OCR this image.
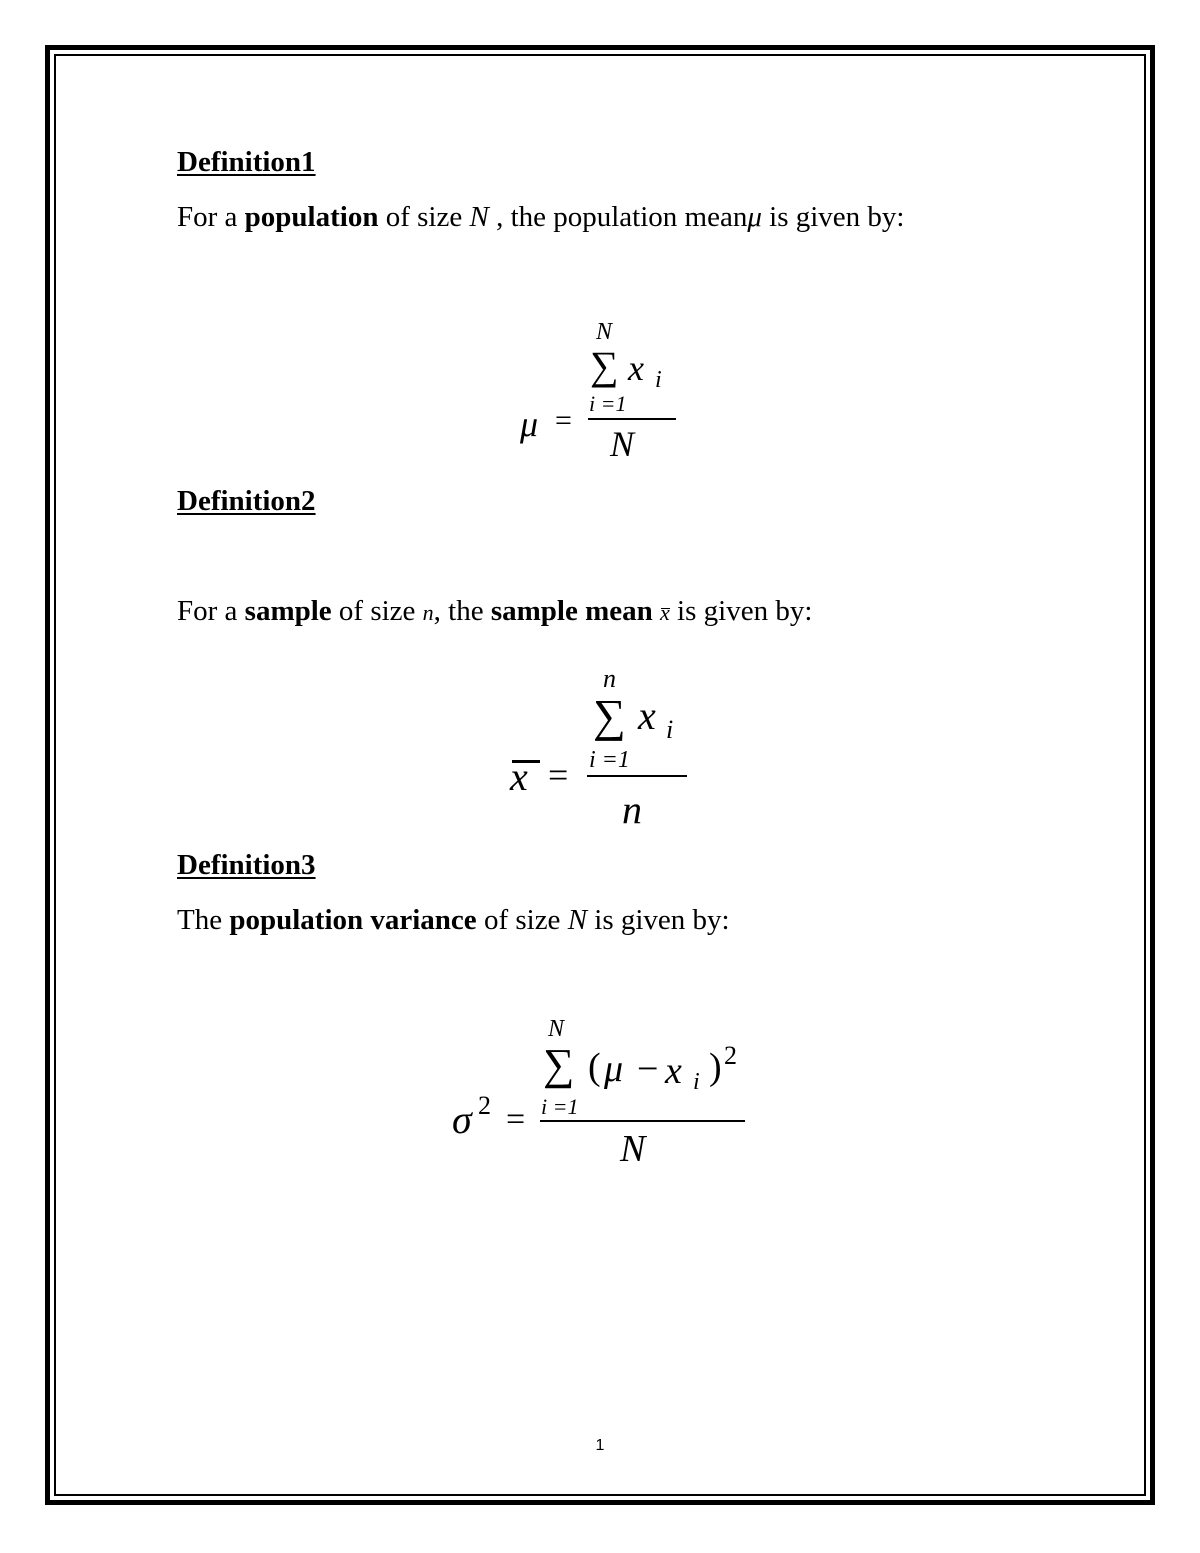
Definition1
For a population of size N , the population meanμ is given by:
μ =
N
∑ x i
i =1
N
Definition2
For a sample of size n, the sample mean x is given by:
x =
n
∑ x i
i =1
n
Definition3
The population variance of size N is given by:
σ 2 =
N
∑ ( μ − x i ) 2
i =1
N
1
